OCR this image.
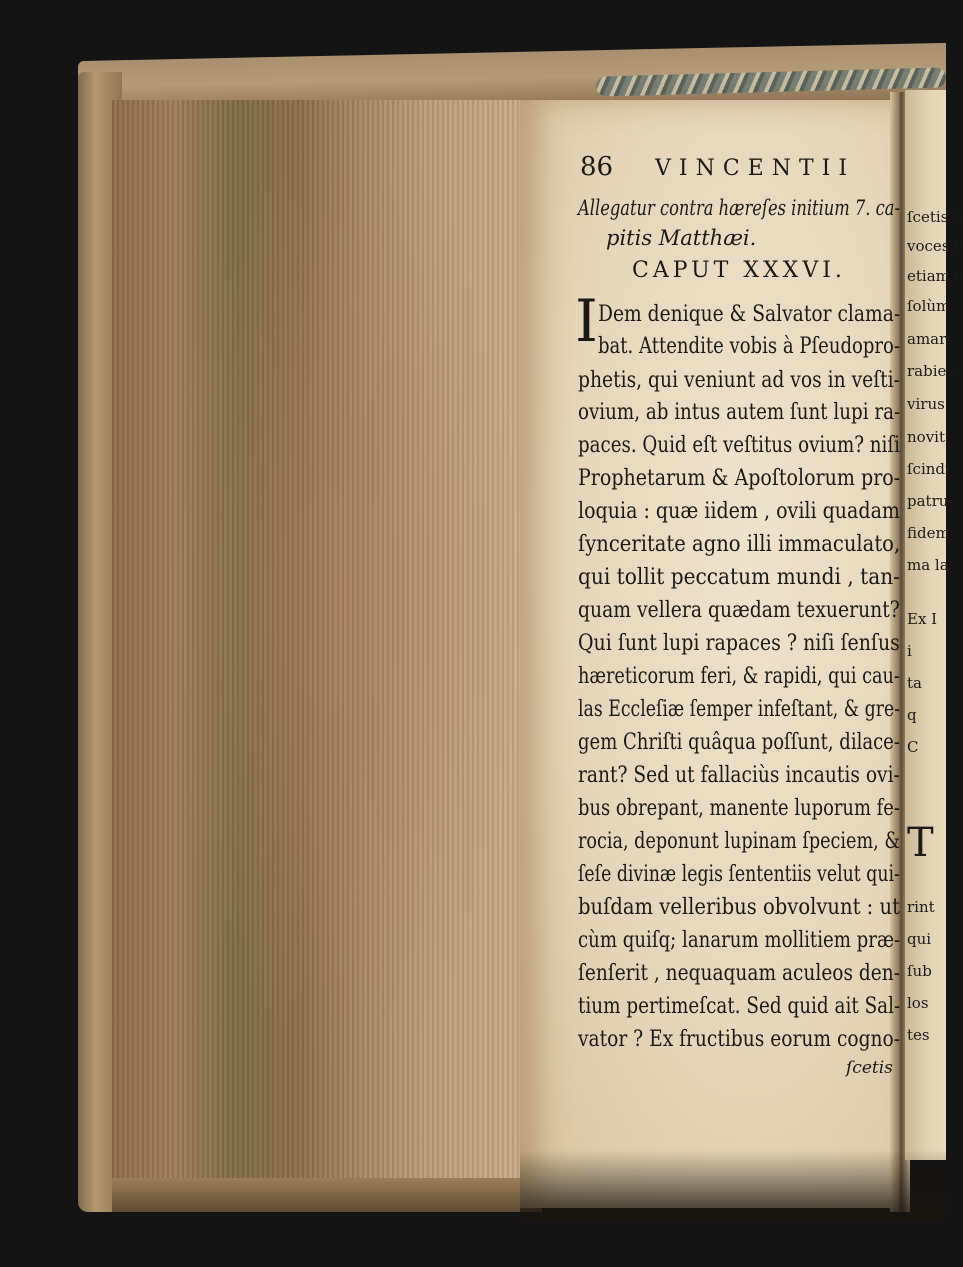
ſcetis e
voces r
etiam c
ſolùm
amari
rabies
virus
novit
ſcindi
patru
fidem
ma la
Ex I
i
ta
q
C
T
rint
qui
ſub
los
tes
86 VINCENTII
Allegatur contra hæreſes initium 7. ca-
pitis Matthæi.
CAPUT XXXVI.
I Dem denique & Salvator clama-
bat. Attendite vobis à Pſeudopro-
phetis, qui veniunt ad vos in veſti-
ovium, ab intus autem ſunt lupi ra-
paces. Quid eſt veſtitus ovium? niſi
Prophetarum & Apoſtolorum pro-
loquia : quæ iidem , ovili quadam
ſynceritate agno illi immaculato,
qui tollit peccatum mundi , tan-
quam vellera quædam texuerunt?
Qui ſunt lupi rapaces ? niſi ſenſus
hæreticorum feri, & rapidi, qui cau-
las Eccleſiæ ſemper infeſtant, & gre-
gem Chriſti quâqua poſſunt, dilace-
rant? Sed ut fallaciùs incautis ovi-
bus obrepant, manente luporum fe-
rocia, deponunt lupinam ſpeciem, &
ſeſe divinæ legis ſententiis velut qui-
buſdam velleribus obvolvunt : ut
cùm quiſq; lanarum mollitiem præ-
ſenſerit , nequaquam aculeos den-
tium pertimeſcat. Sed quid ait Sal-
vator ? Ex fructibus eorum cogno-
ſcetis
